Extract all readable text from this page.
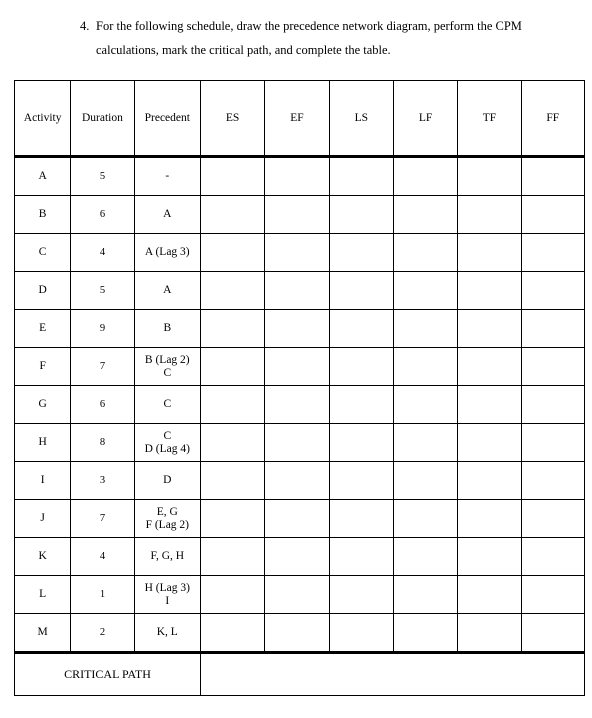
4. For the following schedule, draw the precedence network diagram, perform the CPM
calculations, mark the critical path, and complete the table.
Activity	Duration	Precedent	ES	EF	LS	LF	TF	FF
A	5	-						

B	6	A						

C	4	A (Lag 3)						

D	5	A						

E	9	B						

F	7	B (Lag 2)
C						

G	6	C						

H	8	C
D (Lag 4)						

I	3	D						

J	7	E, G
F (Lag 2)						

K	4	F, G, H						

L	1	H (Lag 3)
I						

M	2	K, L						

CRITICAL PATH								
